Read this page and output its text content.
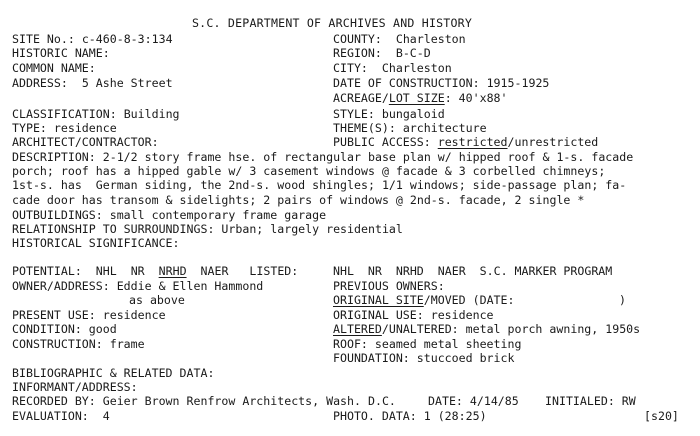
S.C. DEPARTMENT OF ARCHIVES AND HISTORY
SITE No.: c-460-8-3:134
HISTORIC NAME:
COMMON NAME:
ADDRESS: 5 Ashe Street
CLASSIFICATION: Building
TYPE: residence
ARCHITECT/CONTRACTOR:
COUNTY: Charleston
REGION: B-C-D
CITY: Charleston
DATE OF CONSTRUCTION: 1915-1925
ACREAGE/LOT SIZE: 40'x88'
STYLE: bungaloid
THEME(S): architecture
PUBLIC ACCESS: restricted/unrestricted
DESCRIPTION: 2-1/2 story frame hse. of rectangular base plan w/ hipped roof & 1-s. facade
porch; roof has a hipped gable w/ 3 casement windows @ facade & 3 corbelled chimneys;
1st-s. has  German siding, the 2nd-s. wood shingles; 1/1 windows; side-passage plan; fa-
cade door has transom & sidelights; 2 pairs of windows @ 2nd-s. facade, 2 single *
OUTBUILDINGS: small contemporary frame garage
RELATIONSHIP TO SURROUNDINGS: Urban; largely residential
HISTORICAL SIGNIFICANCE:
POTENTIAL: NHL NR NRHD NAER LISTED:	NHL NR NRHD NAER S.C. MARKER PROGRAM
OWNER/ADDRESS: Eddie & Ellen Hammond
as above
PRESENT USE: residence
CONDITION: good
CONSTRUCTION: frame
PREVIOUS OWNERS:
ORIGINAL SITE/MOVED (DATE:	)
ORIGINAL USE: residence
ALTERED/UNALTERED: metal porch awning, 1950s
ROOF: seamed metal sheeting
FOUNDATION: stuccoed brick
BIBLIOGRAPHIC & RELATED DATA:
INFORMANT/ADDRESS:
RECORDED BY: Geier Brown Renfrow Architects, Wash. D.C.	DATE: 4/14/85 INITIALED: RW
EVALUATION:  4	PHOTO. DATA: 1 (28:25)	[s20]
